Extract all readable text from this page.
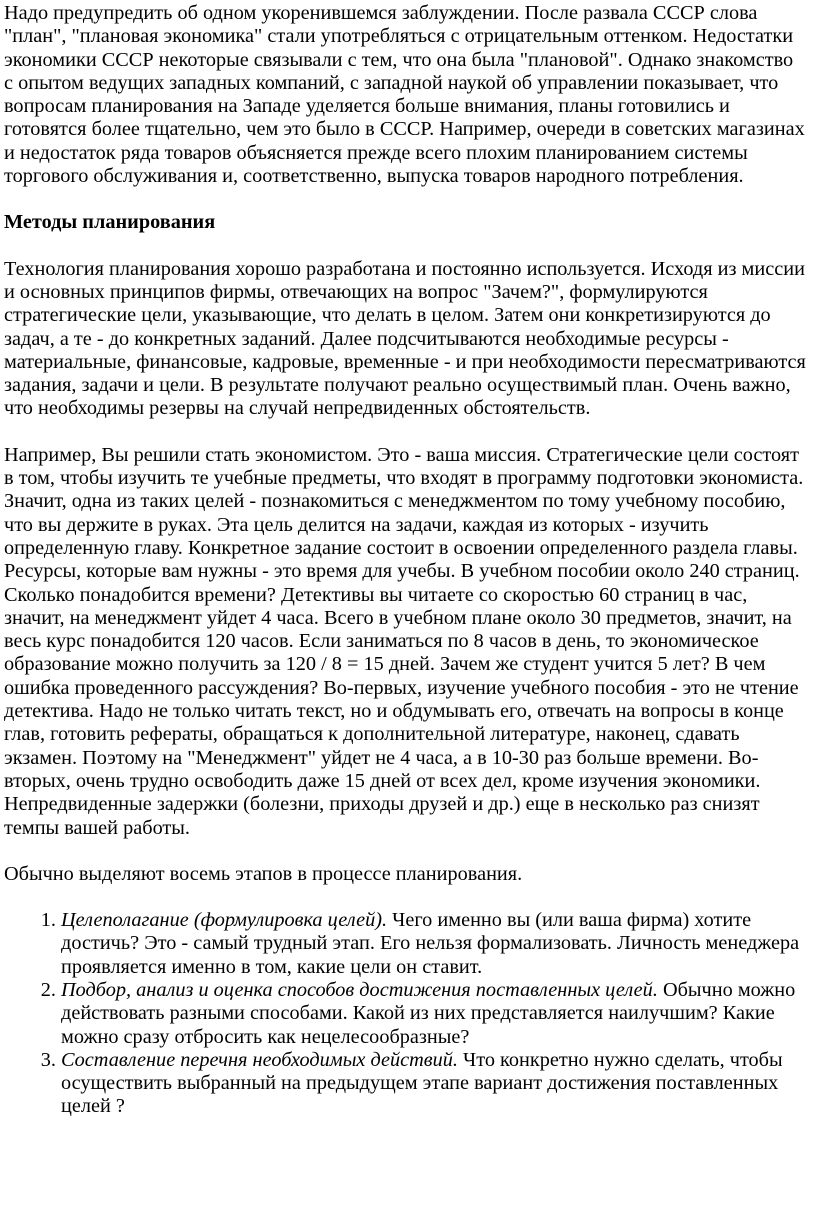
Надо предупредить об одном укоренившемся заблуждении. После развала СССР слова "план", "плановая экономика" стали употребляться с отрицательным оттенком. Недостатки экономики СССР некоторые связывали с тем, что она была "плановой". Однако знакомство с опытом ведущих западных компаний, с западной наукой об управлении показывает, что вопросам планирования на Западе уделяется больше внимания, планы готовились и готовятся более тщательно, чем это было в СССР. Например, очереди в советских магазинах и недостаток ряда товаров объясняется прежде всего плохим планированием системы торгового обслуживания и, соответственно, выпуска товаров народного потребления.

Методы планирования

Технология планирования хорошо разработана и постоянно используется. Исходя из миссии и основных принципов фирмы, отвечающих на вопрос "Зачем?", формулируются стратегические цели, указывающие, что делать в целом. Затем они конкретизируются до задач, а те - до конкретных заданий. Далее подсчитываются необходимые ресурсы - материальные, финансовые, кадровые, временные - и при необходимости пересматриваются задания, задачи и цели. В результате получают реально осуществимый план. Очень важно, что необходимы резервы на случай непредвиденных обстоятельств.

Например, Вы решили стать экономистом. Это - ваша миссия. Стратегические цели состоят в том, чтобы изучить те учебные предметы, что входят в программу подготовки экономиста. Значит, одна из таких целей - познакомиться с менеджментом по тому учебному пособию, что вы держите в руках. Эта цель делится на задачи, каждая из которых - изучить определенную главу. Конкретное задание состоит в освоении определенного раздела главы. Ресурсы, которые вам нужны - это время для учебы. В учебном пособии около 240 страниц. Сколько понадобится времени? Детективы вы читаете со скоростью 60 страниц в час, значит, на менеджмент уйдет 4 часа. Всего в учебном плане около 30 предметов, значит, на весь курс понадобится 120 часов. Если заниматься по 8 часов в день, то экономическое образование можно получить за 120 / 8 = 15 дней. Зачем же студент учится 5 лет? В чем ошибка проведенного рассуждения? Во-первых, изучение учебного пособия - это не чтение детектива. Надо не только читать текст, но и обдумывать его, отвечать на вопросы в конце глав, готовить рефераты, обращаться к дополнительной литературе, наконец, сдавать экзамен. Поэтому на "Менеджмент" уйдет не 4 часа, а в 10-30 раз больше времени. Во-вторых, очень трудно освободить даже 15 дней от всех дел, кроме изучения экономики. Непредвиденные задержки (болезни, приходы друзей и др.) еще в несколько раз снизят темпы вашей работы.

Обычно выделяют восемь этапов в процессе планирования.

1. Целеполагание (формулировка целей). Чего именно вы (или ваша фирма) хотите достичь? Это - самый трудный этап. Его нельзя формализовать. Личность менеджера проявляется именно в том, какие цели он ставит.
2. Подбор, анализ и оценка способов достижения поставленных целей. Обычно можно действовать разными способами. Какой из них представляется наилучшим? Какие можно сразу отбросить как нецелесообразные?
3. Составление перечня необходимых действий. Что конкретно нужно сделать, чтобы осуществить выбранный на предыдущем этапе вариант достижения поставленных целей ?
